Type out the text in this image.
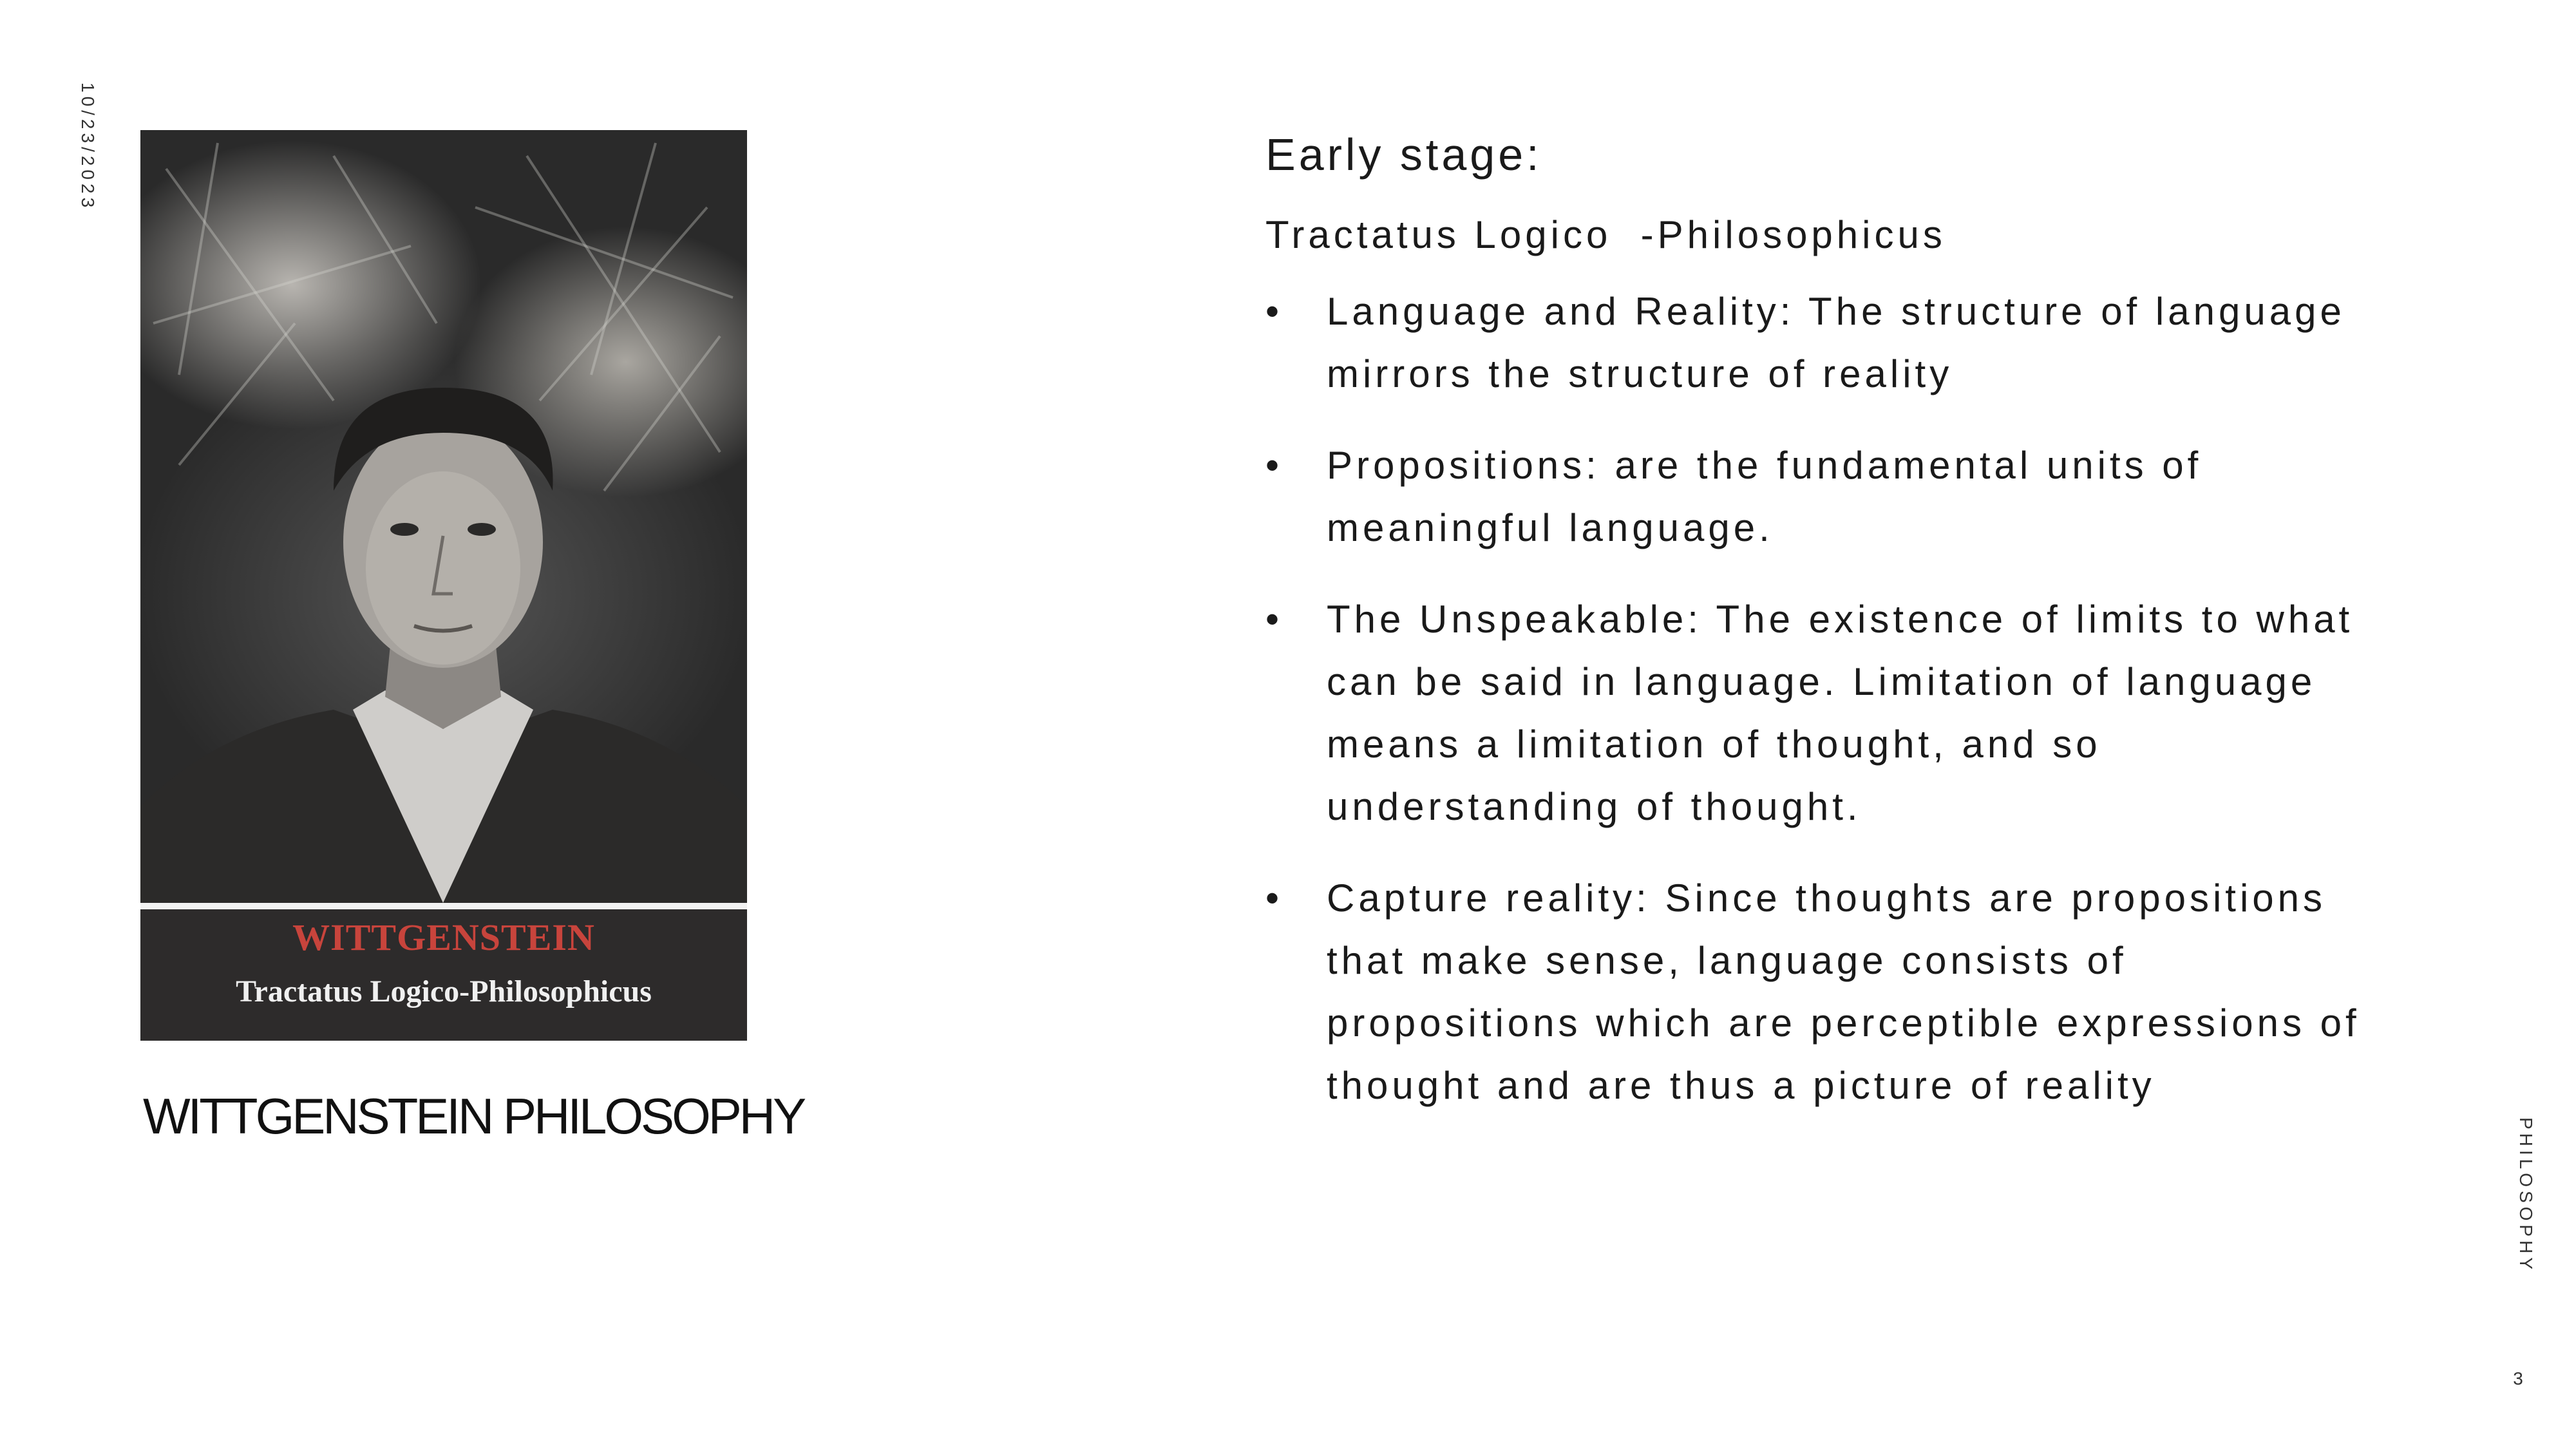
10/23/2023
WITTGENSTEIN
Tractatus Logico-Philosophicus
WITTGENSTEIN PHILOSOPHY
Early stage:
Tractatus Logico  -Philosophicus
• Language and Reality: The structure of language mirrors the structure of reality
• Propositions: are the fundamental units of meaningful language.
• The Unspeakable: The existence of limits to what can be said in language. Limitation of language means a limitation of thought, and so understanding of thought.
• Capture reality: Since thoughts are propositions that make sense, language consists of propositions which are perceptible expressions of thought and are thus a picture of reality
PHILOSOPHY
3
